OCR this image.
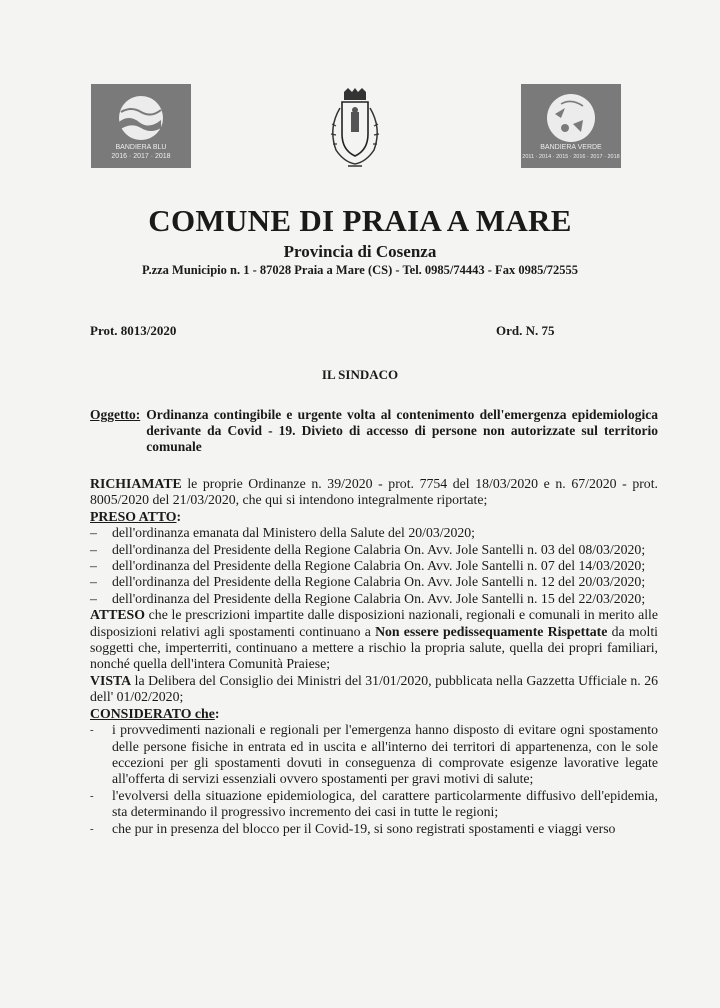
BANDIERA BLU
2016 · 2017 · 2018
BANDIERA VERDE
2011 · 2014 · 2015 · 2016 · 2017 · 2018
COMUNE DI PRAIA A MARE
Provincia di Cosenza
P.zza Municipio n. 1 - 87028 Praia a Mare (CS) - Tel. 0985/74443 - Fax 0985/72555
Prot. 8013/2020	Ord. N. 75
IL SINDACO
Oggetto: Ordinanza contingibile e urgente volta al contenimento dell'emergenza epidemiologica derivante da Covid - 19. Divieto di accesso di persone non autorizzate sul territorio comunale

RICHIAMATE le proprie Ordinanze n. 39/2020 - prot. 7754 del 18/03/2020 e n. 67/2020 - prot. 8005/2020 del 21/03/2020, che qui si intendono integralmente riportate;

PRESO ATTO:

–	dell'ordinanza emanata dal Ministero della Salute del 20/03/2020;
–	dell'ordinanza del Presidente della Regione Calabria On. Avv. Jole Santelli n. 03 del 08/03/2020;
–	dell'ordinanza del Presidente della Regione Calabria On. Avv. Jole Santelli n. 07 del 14/03/2020;
–	dell'ordinanza del Presidente della Regione Calabria On. Avv. Jole Santelli n. 12 del 20/03/2020;
–	dell'ordinanza del Presidente della Regione Calabria On. Avv. Jole Santelli n. 15 del 22/03/2020;

ATTESO che le prescrizioni impartite dalle disposizioni nazionali, regionali e comunali in merito alle disposizioni relativi agli spostamenti continuano a Non essere pedissequamente Rispettate da molti soggetti che, imperterriti, continuano a mettere a rischio la propria salute, quella dei propri familiari, nonché quella dell'intera Comunità Praiese;

VISTA la Delibera del Consiglio dei Ministri del 31/01/2020, pubblicata nella Gazzetta Ufficiale n. 26 dell' 01/02/2020;

CONSIDERATO che:

-	i provvedimenti nazionali e regionali per l'emergenza hanno disposto di evitare ogni spostamento delle persone fisiche in entrata ed in uscita e all'interno dei territori di appartenenza, con le sole eccezioni per gli spostamenti dovuti in conseguenza di comprovate esigenze lavorative legate all'offerta di servizi essenziali ovvero spostamenti per gravi motivi di salute;
-	l'evolversi della situazione epidemiologica, del carattere particolarmente diffusivo dell'epidemia, sta determinando il progressivo incremento dei casi in tutte le regioni;
-	che pur in presenza del blocco per il Covid-19, si sono registrati spostamenti e viaggi verso
